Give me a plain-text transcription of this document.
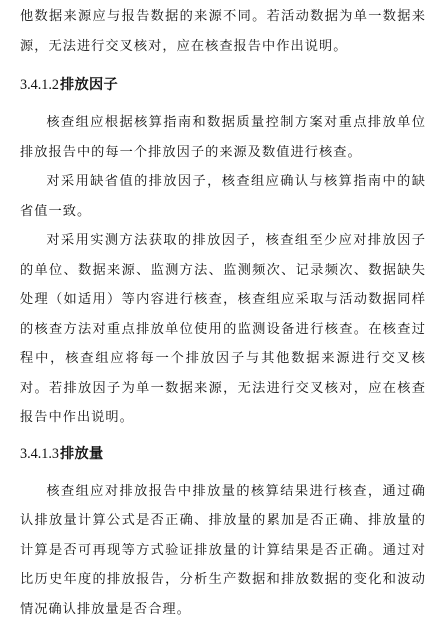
他数据来源应与报告数据的来源不同。若活动数据为单一数据来源，无法进行交叉核对，应在核查报告中作出说明。

3.4.1.2排放因子

核查组应根据核算指南和数据质量控制方案对重点排放单位排放报告中的每一个排放因子的来源及数值进行核查。

对采用缺省值的排放因子，核查组应确认与核算指南中的缺省值一致。

对采用实测方法获取的排放因子，核查组至少应对排放因子的单位、数据来源、监测方法、监测频次、记录频次、数据缺失处理（如适用）等内容进行核查，核查组应采取与活动数据同样的核查方法对重点排放单位使用的监测设备进行核查。在核查过程中，核查组应将每一个排放因子与其他数据来源进行交叉核对。若排放因子为单一数据来源，无法进行交叉核对，应在核查报告中作出说明。

3.4.1.3排放量

核查组应对排放报告中排放量的核算结果进行核查，通过确认排放量计算公式是否正确、排放量的累加是否正确、排放量的计算是否可再现等方式验证排放量的计算结果是否正确。通过对比历史年度的排放报告，分析生产数据和排放数据的变化和波动情况确认排放量是否合理。
